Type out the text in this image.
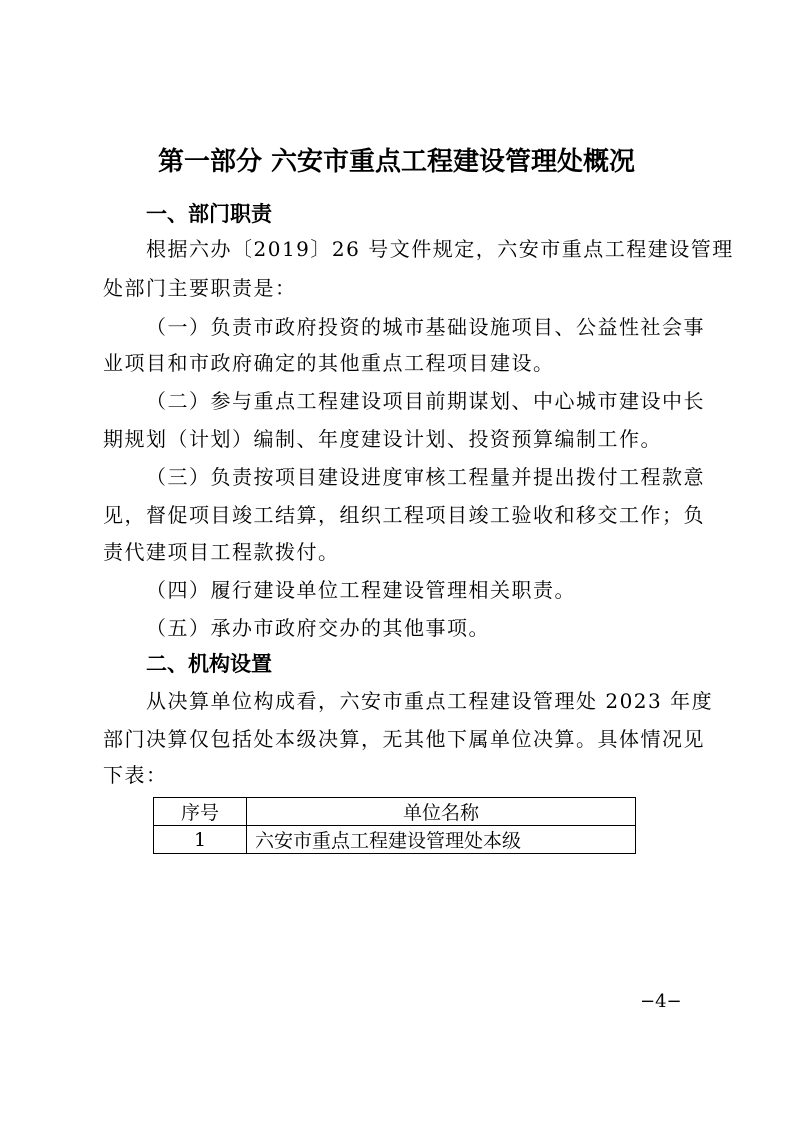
第一部分 六安市重点工程建设管理处概况
一、部门职责
根据六办〔2019〕26 号文件规定，六安市重点工程建设管理
处部门主要职责是：
（一）负责市政府投资的城市基础设施项目、公益性社会事
业项目和市政府确定的其他重点工程项目建设。
（二）参与重点工程建设项目前期谋划、中心城市建设中长
期规划（计划）编制、年度建设计划、投资预算编制工作。
（三）负责按项目建设进度审核工程量并提出拨付工程款意
见，督促项目竣工结算，组织工程项目竣工验收和移交工作；负
责代建项目工程款拨付。
（四）履行建设单位工程建设管理相关职责。
（五）承办市政府交办的其他事项。
二、机构设置
从决算单位构成看，六安市重点工程建设管理处 2023 年度
部门决算仅包括处本级决算，无其他下属单位决算。具体情况见
下表：
序号	单位名称
1	六安市重点工程建设管理处本级
−4−
